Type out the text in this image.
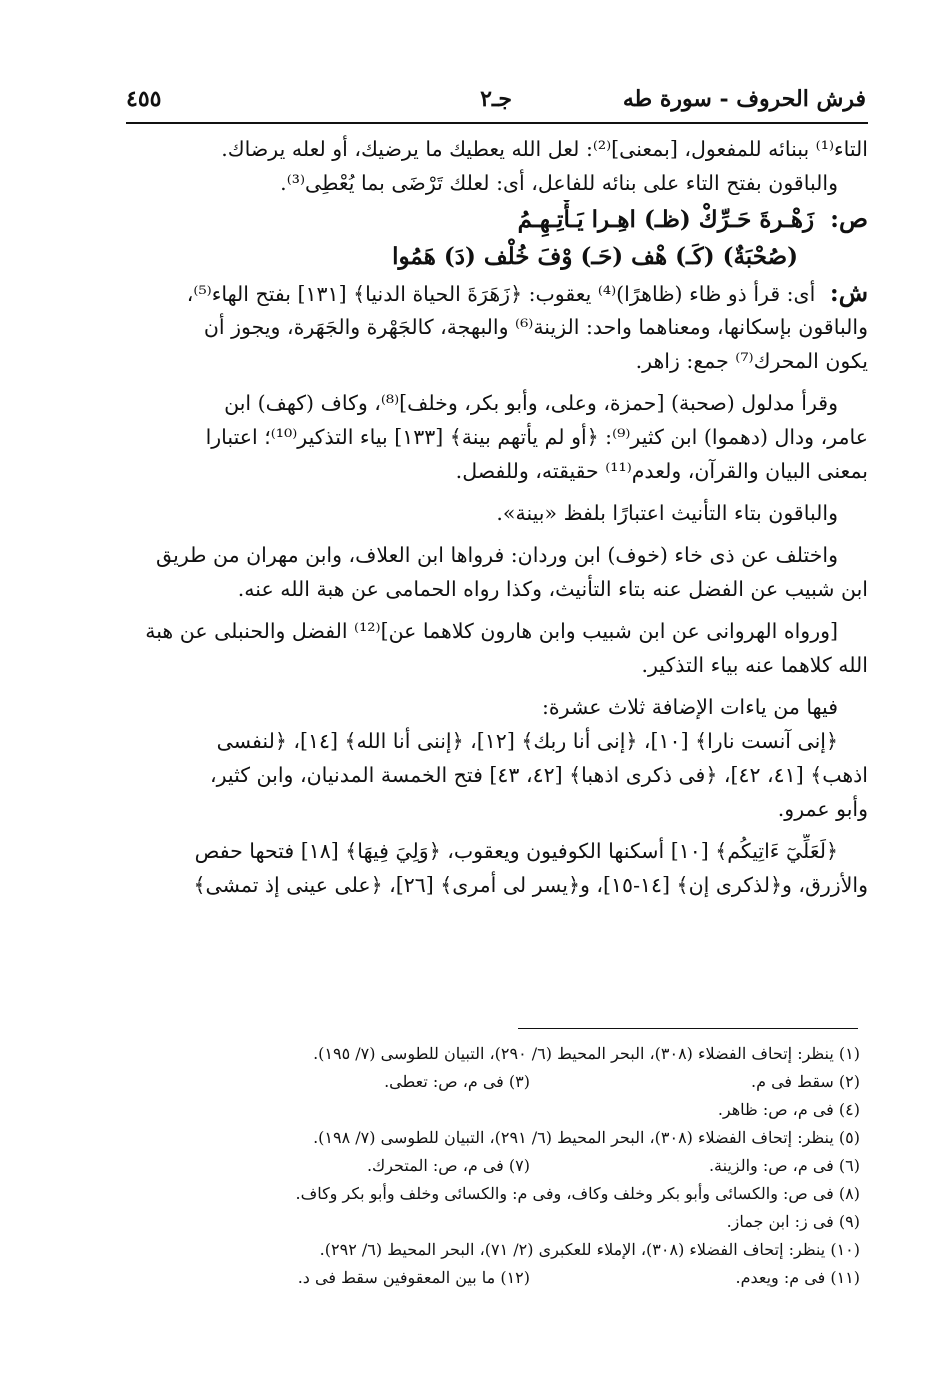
فرش الحروف - سورة طه
جـ٢
٤٥٥
التاء⁽¹⁾ ببنائه للمفعول، [بمعنى]⁽²⁾: لعل الله يعطيك ما يرضيك، أو لعله يرضاك.
والباقون بفتح التاء على بنائه للفاعل، أى: لعلك تَرْضَى بما يُعْطِى⁽³⁾.
ص: زَهْـرةَ حَـرِّكْ (ظـ) اهِـرا يَـأْتِـهِـمُ
(صُحْبَةٌ) (كَـ) هْف (حَـ) وْفَ خُلْف (دَ) هَمُوا
ش: أى: قرأ ذو ظاء (ظاهرًا)⁽⁴⁾ يعقوب: ﴿زَهَرَةَ الحياة الدنيا﴾ [١٣١] بفتح الهاء⁽⁵⁾،
والباقون بإسكانها، ومعناهما واحد: الزينة⁽⁶⁾ والبهجة، كالجَهْرة والجَهَرة، ويجوز أن
يكون المحرك⁽⁷⁾ جمع: زاهر.
وقرأ مدلول (صحبة) [حمزة، وعلى، وأبو بكر، وخلف]⁽⁸⁾، وكاف (كهف) ابن
عامر، ودال (دهموا) ابن كثير⁽⁹⁾: ﴿أو لم يأتهم بينة﴾ [١٣٣] بياء التذكير⁽¹⁰⁾؛ اعتبارا
بمعنى البيان والقرآن، ولعدم⁽¹¹⁾ حقيقته، وللفصل.
والباقون بتاء التأنيث اعتبارًا بلفظ «بينة».
واختلف عن ذى خاء (خوف) ابن وردان: فرواها ابن العلاف، وابن مهران من طريق
ابن شبيب عن الفضل عنه بتاء التأنيث، وكذا رواه الحمامى عن هبة الله عنه.
[ورواه الهروانى عن ابن شبيب وابن هارون كلاهما عن]⁽¹²⁾ الفضل والحنبلى عن هبة
الله كلاهما عنه بياء التذكير.
فيها من ياءات الإضافة ثلاث عشرة:
﴿إنى آنست نارا﴾ [١٠]، ﴿إنى أنا ربك﴾ [١٢]، ﴿إننى أنا الله﴾ [١٤]، ﴿لنفسى
اذهب﴾ [٤١، ٤٢]، ﴿فى ذكرى اذهبا﴾ [٤٢، ٤٣] فتح الخمسة المدنيان، وابن كثير،
وأبو عمرو.
﴿لَعَلِّيٓ ءَاتِيكُم﴾ [١٠] أسكنها الكوفيون ويعقوب، ﴿وَلِيَ فِيهَا﴾ [١٨] فتحها حفص
والأزرق، و﴿لذكرى إن﴾ [١٤-١٥]، و﴿يسر لى أمرى﴾ [٢٦]، ﴿على عينى إذ تمشى﴾
(١) ينظر: إتحاف الفضلاء (٣٠٨)، البحر المحيط (٦/ ٢٩٠)، التبيان للطوسى (٧/ ١٩٥).
(٢) سقط فى م.
(٣) فى م، ص: تعطى.
(٤) فى م، ص: ظاهر.
(٥) ينظر: إتحاف الفضلاء (٣٠٨)، البحر المحيط (٦/ ٢٩١)، التبيان للطوسى (٧/ ١٩٨).
(٦) فى م، ص: والزينة.
(٧) فى م، ص: المتحرك.
(٨) فى ص: والكسائى وأبو بكر وخلف وكاف، وفى م: والكسائى وخلف وأبو بكر وكاف.
(٩) فى ز: ابن جماز.
(١٠) ينظر: إتحاف الفضلاء (٣٠٨)، الإملاء للعكبرى (٢/ ٧١)، البحر المحيط (٦/ ٢٩٢).
(١١) فى م: ويعدم.
(١٢) ما بين المعقوفين سقط فى د.
